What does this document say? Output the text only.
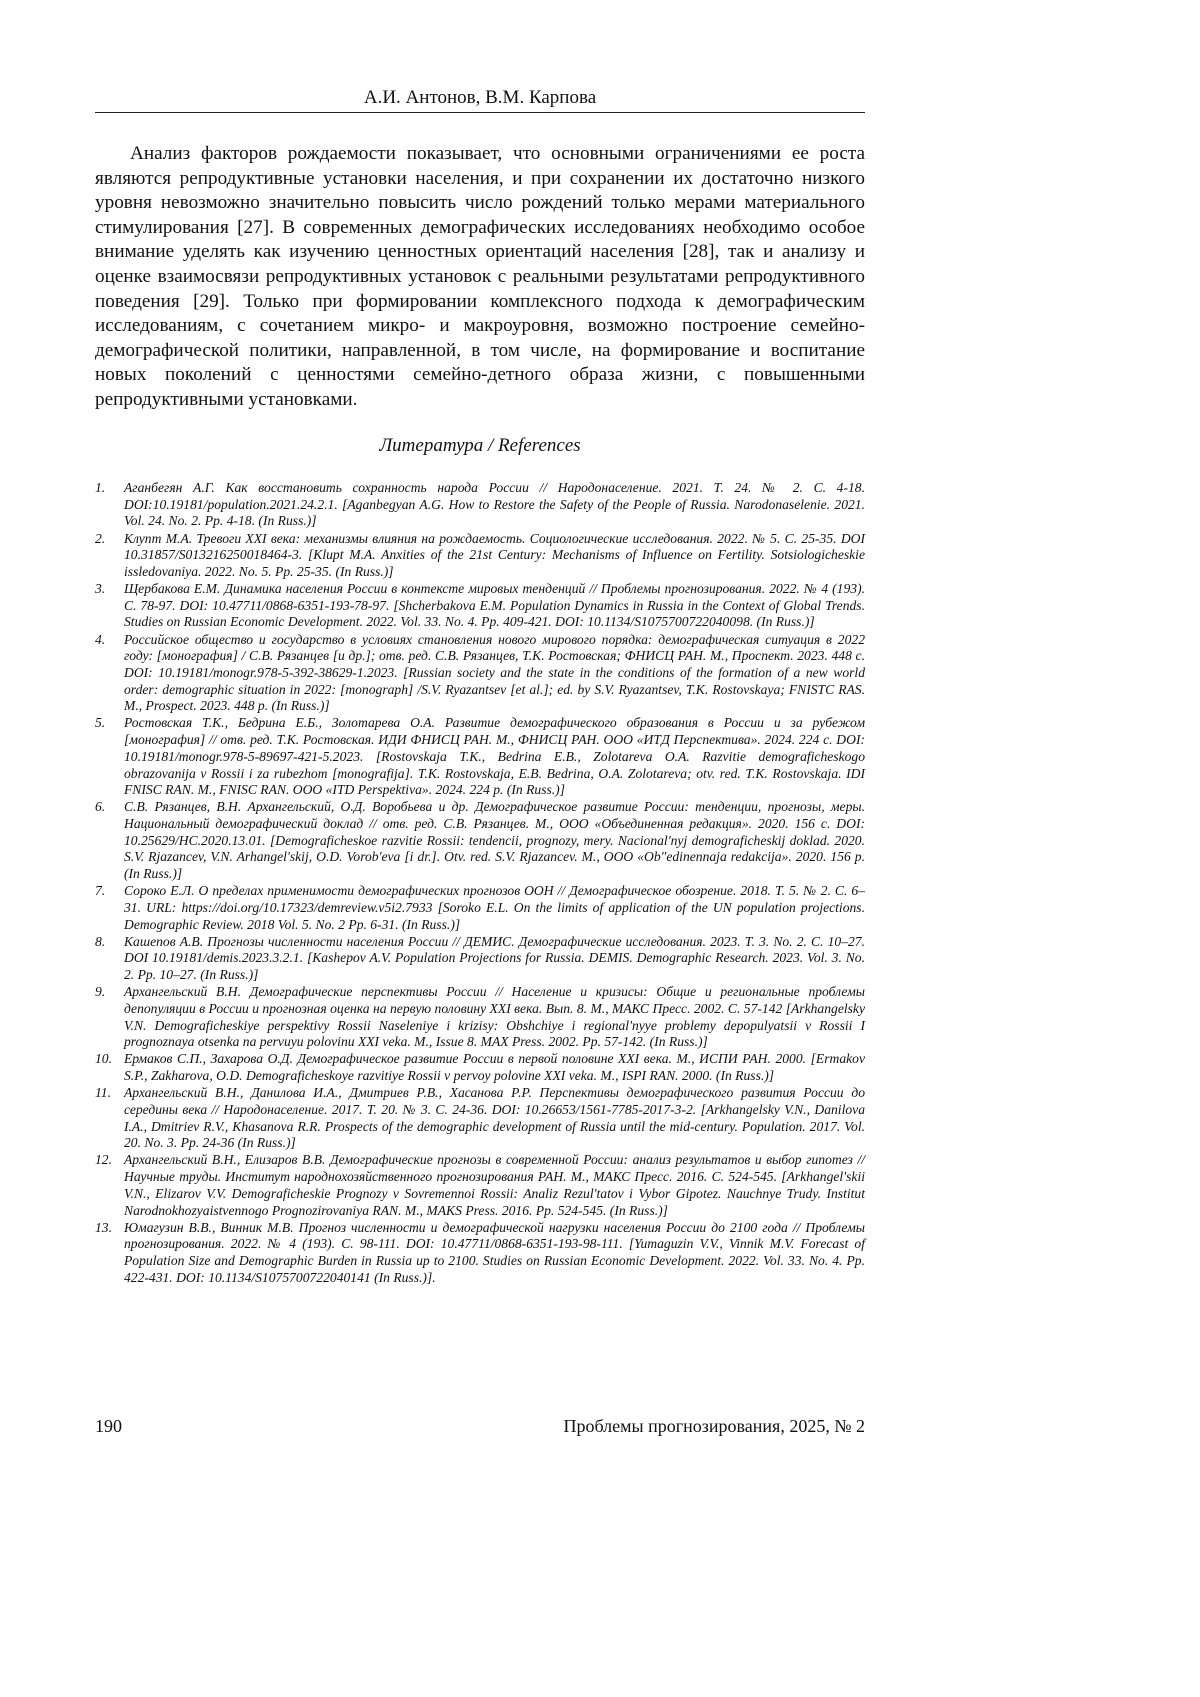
А.И. Антонов, В.М. Карпова

Анализ факторов рождаемости показывает, что основными ограничениями ее роста являются репродуктивные установки населения, и при сохранении их достаточно низкого уровня невозможно значительно повысить число рождений только мерами материального стимулирования [27]. В современных демографических исследованиях необходимо особое внимание уделять как изучению ценностных ориентаций населения [28], так и анализу и оценке взаимосвязи репродуктивных установок с реальными результатами репродуктивного поведения [29]. Только при формировании комплексного подхода к демографическим исследованиям, с сочетанием микро- и макроуровня, возможно построение семейно-демографической политики, направленной, в том числе, на формирование и воспитание новых поколений с ценностями семейно-детного образа жизни, с повышенными репродуктивными установками.

Литература / References
1. Аганбегян А.Г. Как восстановить сохранность народа России // Народонаселение. 2021. Т. 24. № 2. С. 4-18. DOI:10.19181/population.2021.24.2.1. [Aganbegyan A.G. How to Restore the Safety of the People of Russia. Narodonaselenie. 2021. Vol. 24. No. 2. Pp. 4-18. (In Russ.)]
2. Клупт М.А. Тревоги XXI века: механизмы влияния на рождаемость. Социологические исследования. 2022. № 5. С. 25-35. DOI 10.31857/S013216250018464-3. [Klupt M.A. Anxities of the 21st Century: Mechanisms of Influence on Fertility. Sotsiologicheskie issledovaniya. 2022. No. 5. Pp. 25-35. (In Russ.)]
3. Щербакова Е.М. Динамика населения России в контексте мировых тенденций // Проблемы прогнозирования. 2022. № 4 (193). С. 78-97. DOI: 10.47711/0868-6351-193-78-97. [Shcherbakova E.M. Population Dynamics in Russia in the Context of Global Trends. Studies on Russian Economic Development. 2022. Vol. 33. No. 4. Pp. 409-421. DOI: 10.1134/S1075700722040098. (In Russ.)]
4. Российское общество и государство в условиях становления нового мирового порядка: демографическая ситуация в 2022 году: [монография] / С.В. Рязанцев [и др.]; отв. ред. С.В. Рязанцев, Т.К. Ростовская; ФНИСЦ РАН. М., Проспект. 2023. 448 с. DOI: 10.19181/monogr.978-5-392-38629-1.2023. [Russian society and the state in the conditions of the formation of a new world order: demographic situation in 2022: [monograph] /S.V. Ryazantsev [et al.]; ed. by S.V. Ryazantsev, T.K. Rostovskaya; FNISTC RAS. M., Prospect. 2023. 448 p. (In Russ.)]
5. Ростовская Т.К., Бедрина Е.Б., Золотарева О.А. Развитие демографического образования в России и за рубежом [монография] // отв. ред. Т.К. Ростовская. ИДИ ФНИСЦ РАН. М., ФНИСЦ РАН. ООО «ИТД Перспектива». 2024. 224 с. DOI: 10.19181/monogr.978-5-89697-421-5.2023. [Rostovskaja T.K., Bedrina E.B., Zolotareva O.A. Razvitie demograficheskogo obrazovanija v Rossii i za rubezhom [monografija]. T.K. Rostovskaja, E.B. Bedrina, O.A. Zolotareva; otv. red. T.K. Rostovskaja. IDI FNISC RAN. M., FNISC RAN. OOO «ITD Perspektiva». 2024. 224 p. (In Russ.)]
6. С.В. Рязанцев, В.Н. Архангельский, О.Д. Воробьева и др. Демографическое развитие России: тенденции, прогнозы, меры. Национальный демографический доклад // отв. ред. С.В. Рязанцев. М., ООО «Объединенная редакция». 2020. 156 с. DOI: 10.25629/HC.2020.13.01. [Demograficheskoe razvitie Rossii: tendencii, prognozy, mery. Nacional'nyj demograficheskij doklad. 2020. S.V. Rjazancev, V.N. Arhangel'skij, O.D. Vorob'eva [i dr.]. Otv. red. S.V. Rjazancev. M., OOO «Ob"edinennaja redakcija». 2020. 156 p. (In Russ.)]
7. Сороко Е.Л. О пределах применимости демографических прогнозов ООН // Демографическое обозрение. 2018. Т. 5. № 2. С. 6–31. URL: https://doi.org/10.17323/demreview.v5i2.7933 [Soroko E.L. On the limits of application of the UN population projections. Demographic Review. 2018 Vol. 5. No. 2 Pp. 6-31. (In Russ.)]
8. Кашепов А.В. Прогнозы численности населения России // ДЕМИС. Демографические исследования. 2023. Т. 3. No. 2. С. 10–27. DOI 10.19181/demis.2023.3.2.1. [Kashepov A.V. Population Projections for Russia. DEMIS. Demographic Research. 2023. Vol. 3. No. 2. Pp. 10–27. (In Russ.)]
9. Архангельский В.Н. Демографические перспективы России // Население и кризисы: Общие и региональные проблемы депопуляции в России и прогнозная оценка на первую половину XXI века. Вып. 8. М., МАКС Пресс. 2002. С. 57-142 [Arkhangelsky V.N. Demograficheskiye perspektivy Rossii Naseleniye i krizisy: Obshchiye i regional'nyye problemy depopulyatsii v Rossii I prognoznaya otsenka na pervuyu polovinu XXI veka. M., Issue 8. MAX Press. 2002. Pp. 57-142. (In Russ.)]
10. Ермаков С.П., Захарова О.Д. Демографическое развитие России в первой половине XXI века. М., ИСПИ РАН. 2000. [Ermakov S.P., Zakharova, O.D. Demograficheskoye razvitiye Rossii v pervoy polovine XXI veka. M., ISPI RAN. 2000. (In Russ.)]
11. Архангельский В.Н., Данилова И.А., Дмитриев Р.В., Хасанова Р.Р. Перспективы демографического развития России до середины века // Народонаселение. 2017. Т. 20. № 3. С. 24-36. DOI: 10.26653/1561-7785-2017-3-2. [Arkhangelsky V.N., Danilova I.A., Dmitriev R.V., Khasanova R.R. Prospects of the demographic development of Russia until the mid-century. Population. 2017. Vol. 20. No. 3. Pp. 24-36 (In Russ.)]
12. Архангельский В.Н., Елизаров В.В. Демографические прогнозы в современной России: анализ результатов и выбор гипотез // Научные труды. Институт народнохозяйственного прогнозирования РАН. М., МАКС Пресс. 2016. С. 524-545. [Arkhangel'skii V.N., Elizarov V.V. Demograficheskie Prognozy v Sovremennoi Rossii: Analiz Rezul'tatov i Vybor Gipotez. Nauchnye Trudy. Institut Narodnokhozyaistvennogo Prognozirovaniya RAN. M., MAKS Press. 2016. Pp. 524-545. (In Russ.)]
13. Юмагузин В.В., Винник М.В. Прогноз численности и демографической нагрузки населения России до 2100 года // Проблемы прогнозирования. 2022. № 4 (193). С. 98-111. DOI: 10.47711/0868-6351-193-98-111. [Yumaguzin V.V., Vinnik M.V. Forecast of Population Size and Demographic Burden in Russia up to 2100. Studies on Russian Economic Development. 2022. Vol. 33. No. 4. Pp. 422-431. DOI: 10.1134/S1075700722040141 (In Russ.)].
190	Проблемы прогнозирования, 2025, № 2
